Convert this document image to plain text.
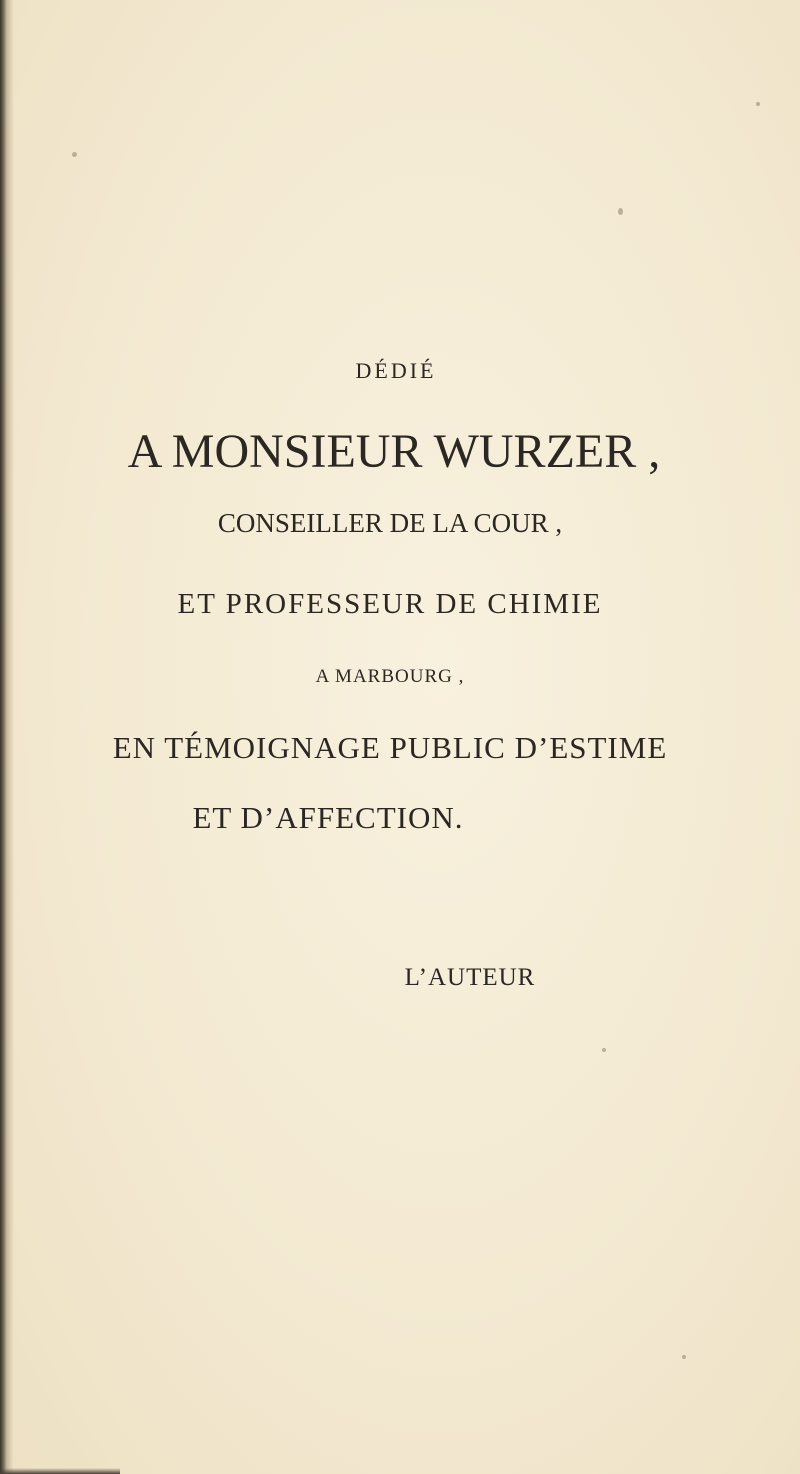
DÉDIÉ
A MONSIEUR WURZER ,
CONSEILLER DE LA COUR ,
ET PROFESSEUR DE CHIMIE
A MARBOURG ,
EN TÉMOIGNAGE PUBLIC D’ESTIME
ET D’AFFECTION.
L’AUTEUR
